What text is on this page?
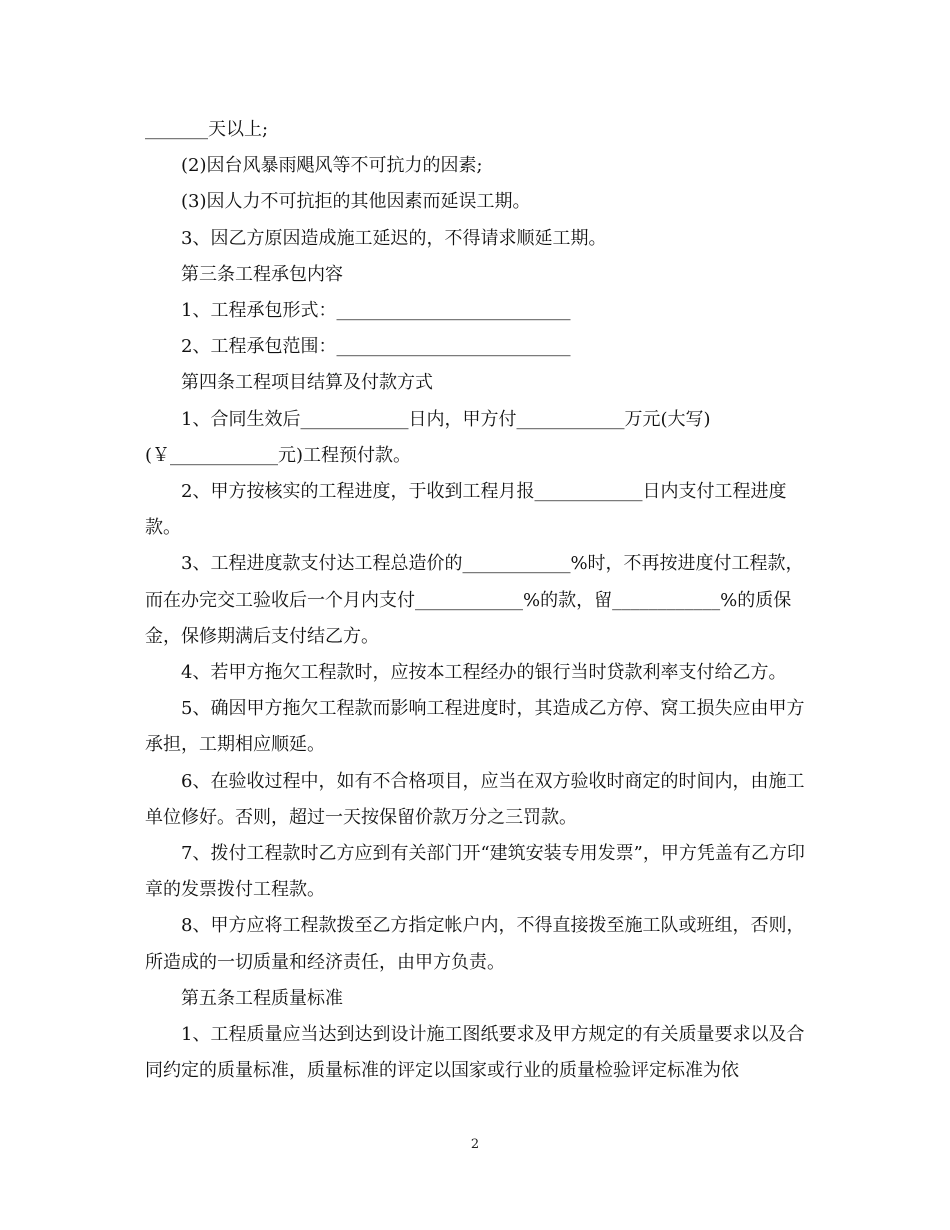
_______天以上;

(2)因台风暴雨飓风等不可抗力的因素;

(3)因人力不可抗拒的其他因素而延误工期。

3、因乙方原因造成施工延迟的，不得请求顺延工期。

第三条工程承包内容

1、工程承包形式：__________________________

2、工程承包范围：__________________________

第四条工程项目结算及付款方式

1、合同生效后____________日内，甲方付____________万元(大写)(￥____________元)工程预付款。

2、甲方按核实的工程进度，于收到工程月报____________日内支付工程进度款。

3、工程进度款支付达工程总造价的____________%时，不再按进度付工程款，而在办完交工验收后一个月内支付____________%的款，留____________%的质保金，保修期满后支付结乙方。

4、若甲方拖欠工程款时，应按本工程经办的银行当时贷款利率支付给乙方。

5、确因甲方拖欠工程款而影响工程进度时，其造成乙方停、窝工损失应由甲方承担，工期相应顺延。

6、在验收过程中，如有不合格项目，应当在双方验收时商定的时间内，由施工单位修好。否则，超过一天按保留价款万分之三罚款。

7、拨付工程款时乙方应到有关部门开“建筑安装专用发票”，甲方凭盖有乙方印章的发票拨付工程款。

8、甲方应将工程款拨至乙方指定帐户内，不得直接拨至施工队或班组，否则，所造成的一切质量和经济责任，由甲方负责。

第五条工程质量标准

1、工程质量应当达到达到设计施工图纸要求及甲方规定的有关质量要求以及合同约定的质量标准，质量标准的评定以国家或行业的质量检验评定标准为依

2
